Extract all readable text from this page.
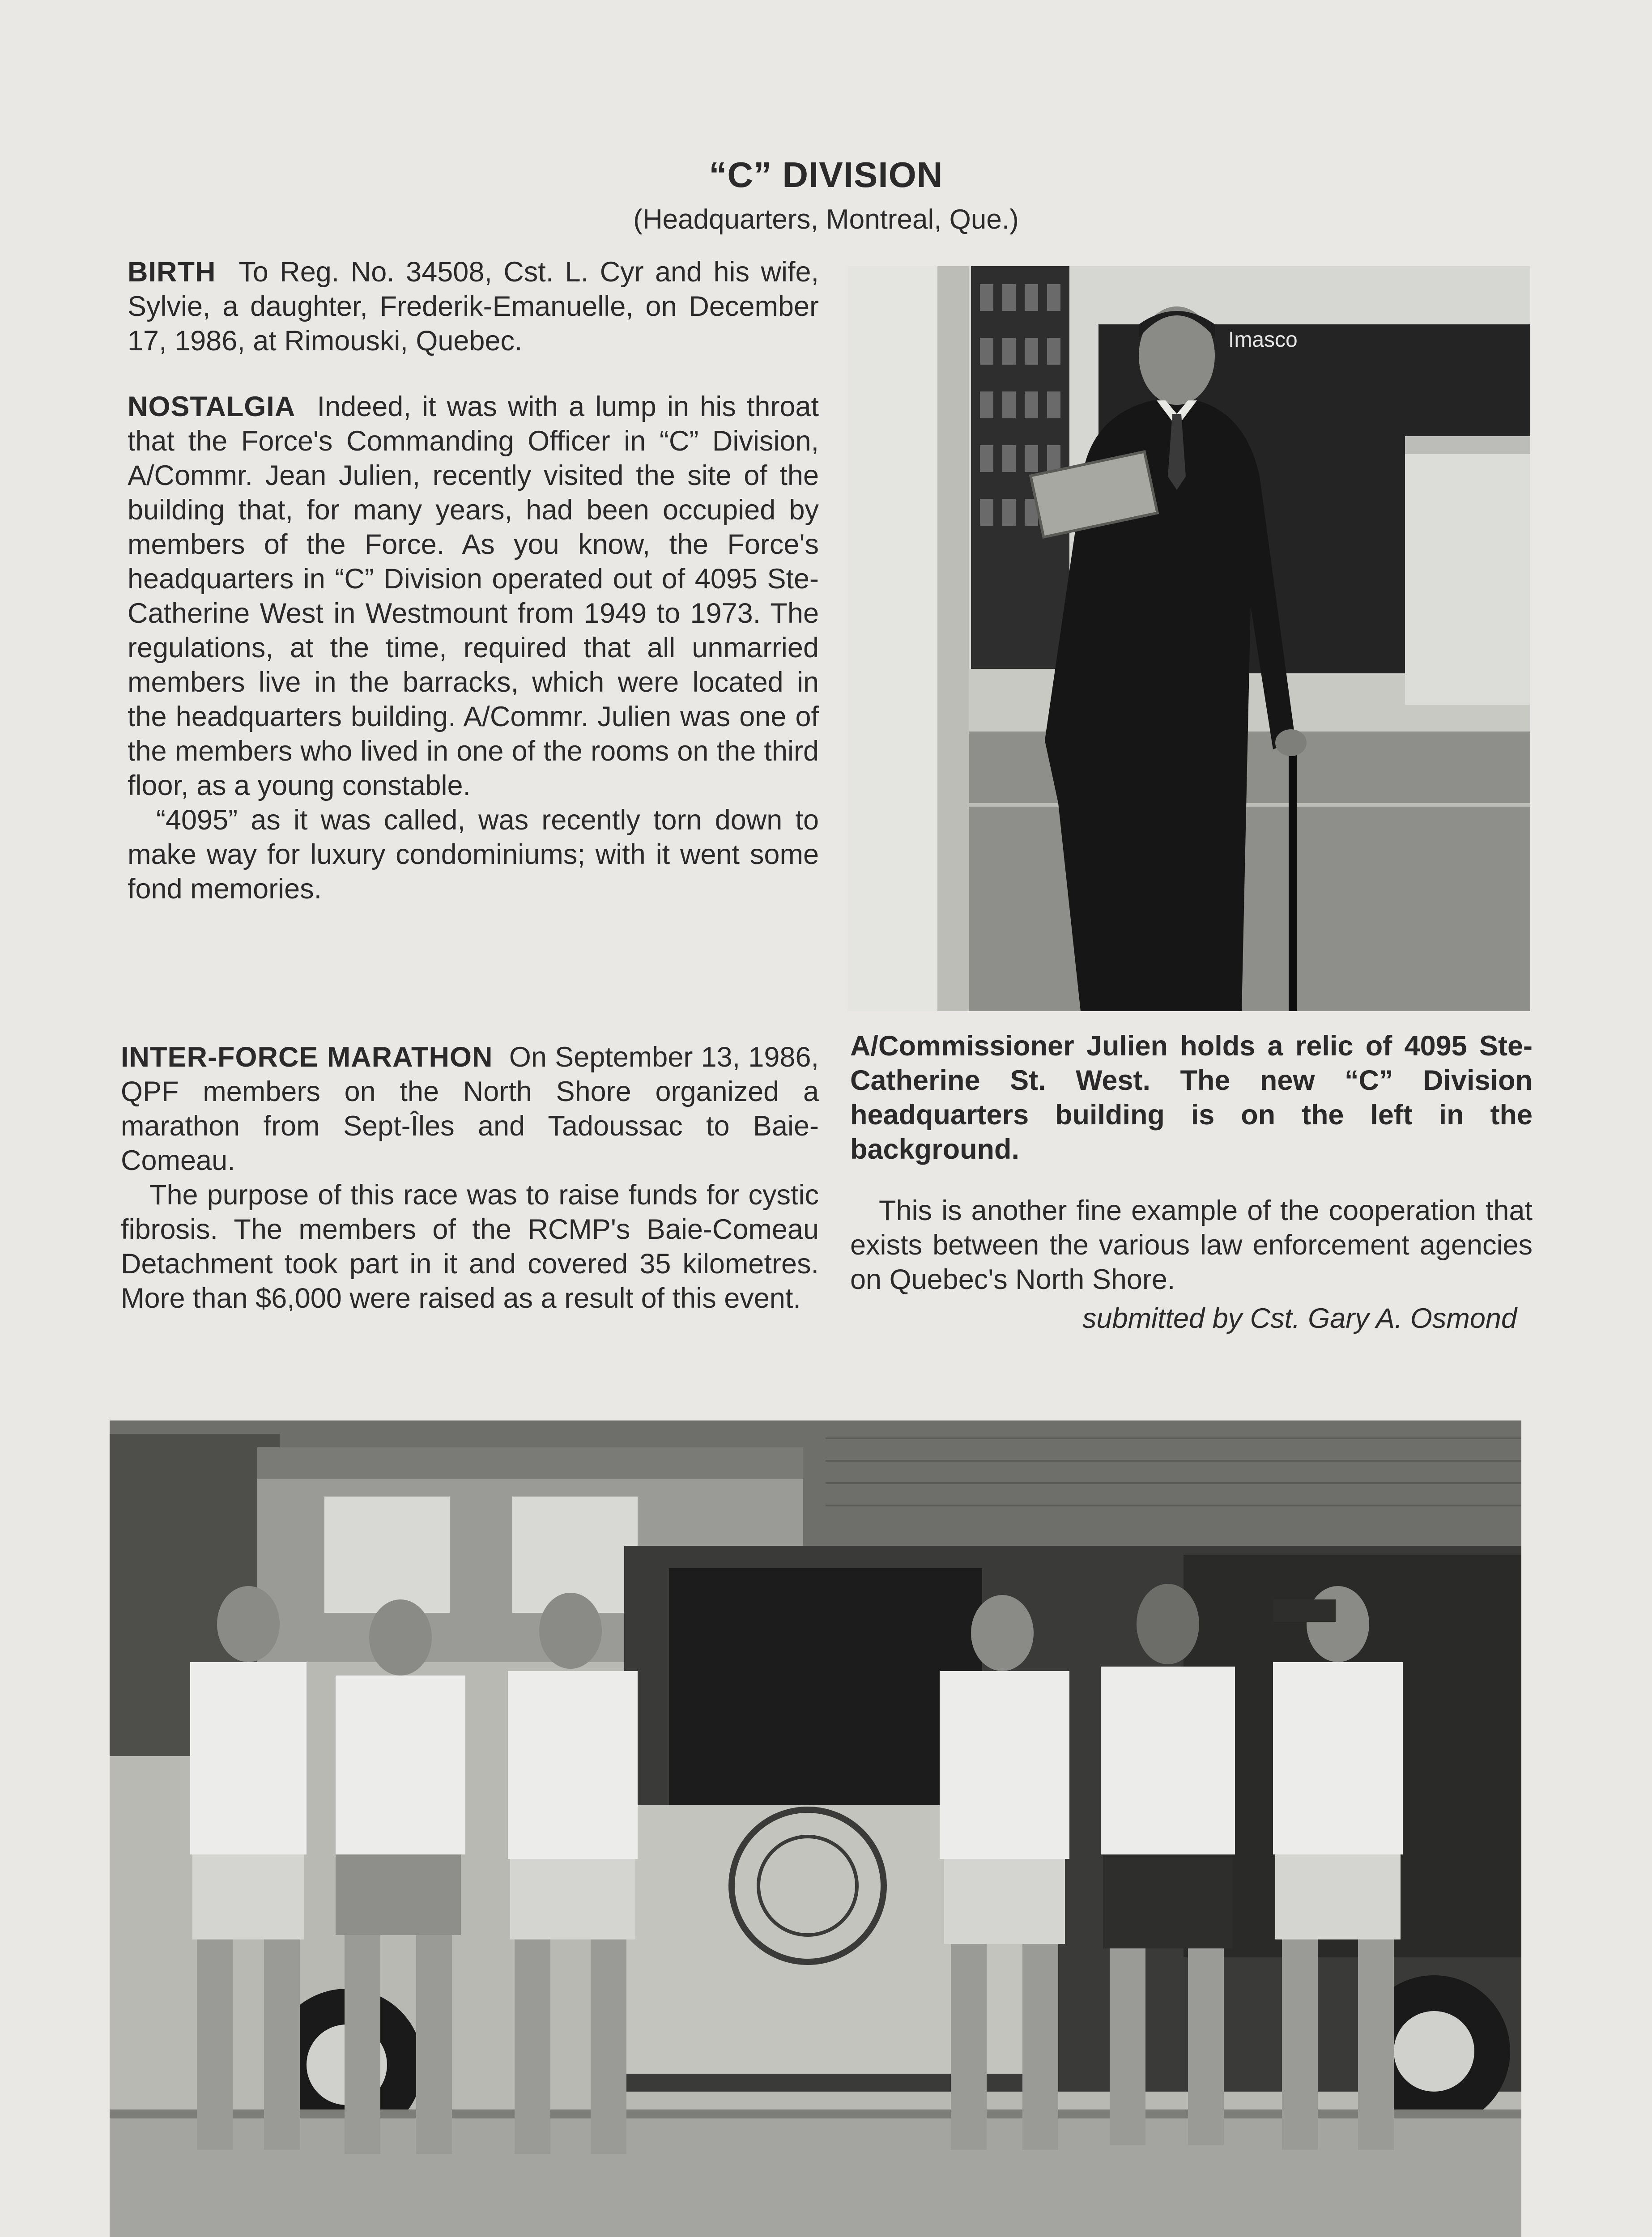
“C” DIVISION
(Headquarters, Montreal, Que.)

BIRTH To Reg. No. 34508, Cst. L. Cyr and his wife, Sylvie, a daughter, Frederik-Emanuelle, on December 17, 1986, at Rimouski, Quebec.

NOSTALGIA Indeed, it was with a lump in his throat that the Force's Commanding Officer in “C” Division, A/Commr. Jean Julien, recently visited the site of the building that, for many years, had been occupied by members of the Force. As you know, the Force's headquarters in “C” Division operated out of 4095 Ste-Catherine West in Westmount from 1949 to 1973. The regulations, at the time, required that all unmarried members live in the barracks, which were located in the headquarters building. A/Commr. Julien was one of the members who lived in one of the rooms on the third floor, as a young constable.

“4095” as it was called, was recently torn down to make way for luxury condominiums; with it went some fond memories.

INTER-FORCE MARATHON On September 13, 1986, QPF members on the North Shore organized a marathon from Sept-Îles and Tadoussac to Baie-Comeau.

The purpose of this race was to raise funds for cystic fibrosis. The members of the RCMP's Baie-Comeau Detachment took part in it and covered 35 kilometres. More than $6,000 were raised as a result of this event.

Imasco

A/Commissioner Julien holds a relic of 4095 Ste-Catherine St. West. The new “C” Division headquarters building is on the left in the background.

This is another fine example of the cooperation that exists between the various law enforcement agencies on Quebec's North Shore.

submitted by Cst. Gary A. Osmond
